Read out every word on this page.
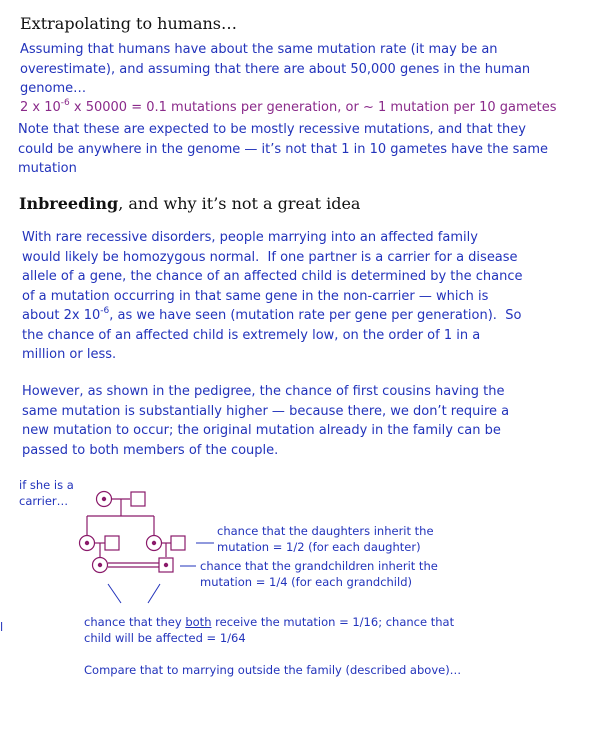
Extrapolating to humans…
Assuming that humans have about the same mutation rate (it may be an
overestimate), and assuming that there are about 50,000 genes in the human
genome…
2 x $10^{-6}$ x 50000 = 0.1 mutations per generation, or ~ 1 mutation per 10 gametes
Note that these are expected to be mostly recessive mutations, and that they
could be anywhere in the genome — it’s not that 1 in 10 gametes have the same
mutation
Inbreeding, and why it’s not a great idea
With rare recessive disorders, people marrying into an affected family
would likely be homozygous normal.  If one partner is a carrier for a disease
allele of a gene, the chance of an affected child is determined by the chance
of a mutation occurring in that same gene in the non-carrier — which is
about 2x $10^{-6}$, as we have seen (mutation rate per gene per generation).  So
the chance of an affected child is extremely low, on the order of 1 in a
million or less.
However, as shown in the pedigree, the chance of first cousins having the
same mutation is substantially higher — because there, we don’t require a
new mutation to occur; the original mutation already in the family can be
passed to both members of the couple.
if she is a
carrier…
chance that the daughters inherit the
mutation = 1/2 (for each daughter)
chance that the grandchildren inherit the
mutation = 1/4 (for each grandchild)
chance that they both receive the mutation = 1/16; chance that
child will be affected = 1/64
Compare that to marrying outside the family (described above)…
l
